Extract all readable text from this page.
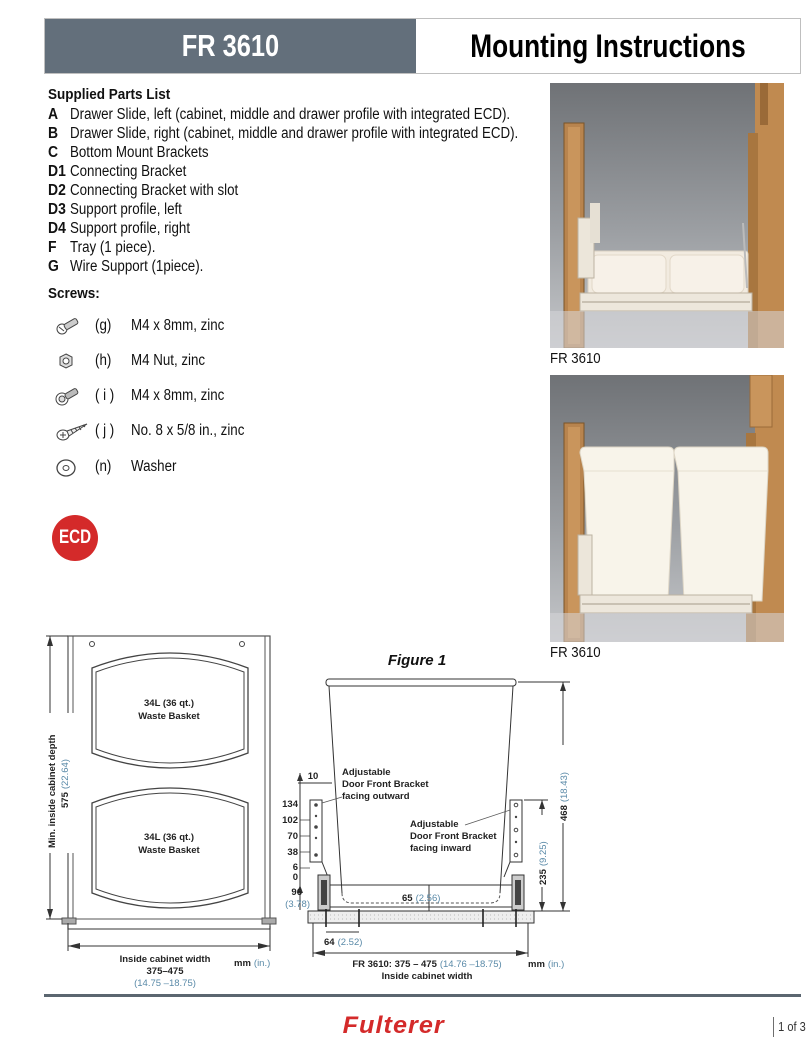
FR 3610	Mounting Instructions
Supplied Parts List
A Drawer Slide, left (cabinet, middle and drawer profile with integrated ECD).
B Drawer Slide, right (cabinet, middle and drawer profile with integrated ECD).
C Bottom Mount Brackets
D1 Connecting Bracket
D2 Connecting Bracket with slot
D3 Support profile, left
D4 Support profile, right
F Tray (1 piece).
G Wire Support (1piece).
Screws:
(g)	M4 x 8mm, zinc
(h)	M4 Nut, zinc
( i )	M4 x 8mm, zinc
( j )	No. 8 x 5/8 in., zinc
(n)	Washer
ECD
FR 3610
FR 3610
34L (36 qt.)
Waste Basket
34L (36 qt.)
Waste Basket
Min. inside cabinet depth 575(22.64)
Inside cabinet width
375–475
(14.75 –18.75)
mm (in.)
Figure 1
134
102
70
38
6
0
10
96
(3.78)
65 (2.56)
64 (2.52)
FR 3610: 375 – 475 (14.76 –18.75)
Inside cabinet width
mm (in.)
235(9.25)
468(18.43)
Adjustable
Door Front Bracket
facing outward
Adjustable
Door Front Bracket
facing inward
Fulterer	1 of 3
